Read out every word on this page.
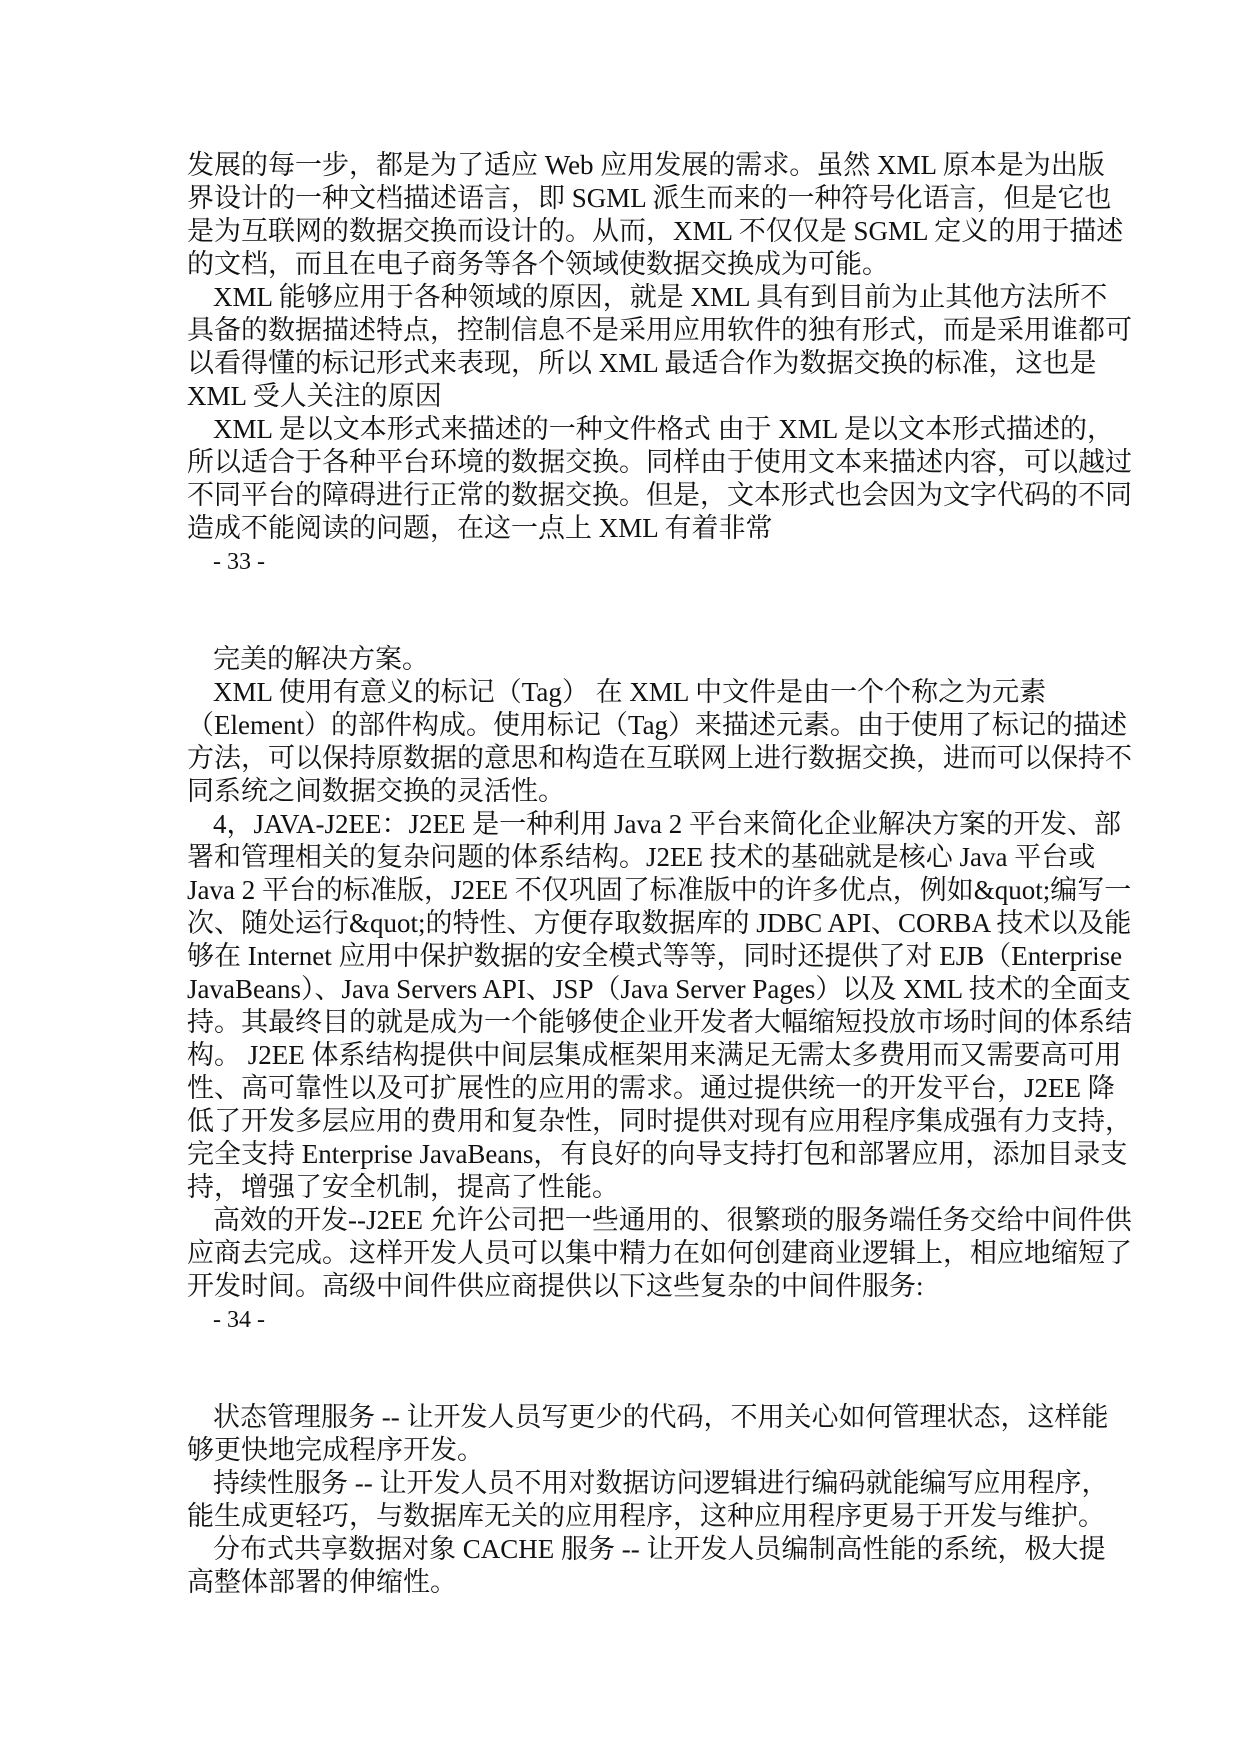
发展的每一步，都是为了适应 Web 应用发展的需求。虽然 XML 原本是为出版
界设计的一种文档描述语言，即 SGML 派生而来的一种符号化语言，但是它也
是为互联网的数据交换而设计的。从而，XML 不仅仅是 SGML 定义的用于描述
的文档，而且在电子商务等各个领域使数据交换成为可能。
XML 能够应用于各种领域的原因，就是 XML 具有到目前为止其他方法所不
具备的数据描述特点，控制信息不是采用应用软件的独有形式，而是采用谁都可
以看得懂的标记形式来表现，所以 XML 最适合作为数据交换的标准，这也是
XML 受人关注的原因
XML 是以文本形式来描述的一种文件格式 由于 XML 是以文本形式描述的，
所以适合于各种平台环境的数据交换。同样由于使用文本来描述内容，可以越过
不同平台的障碍进行正常的数据交换。但是，文本形式也会因为文字代码的不同
造成不能阅读的问题，在这一点上 XML 有着非常
- 33 -
完美的解决方案。
XML 使用有意义的标记（Tag） 在 XML 中文件是由一个个称之为元素
（Element）的部件构成。使用标记（Tag）来描述元素。由于使用了标记的描述
方法，可以保持原数据的意思和构造在互联网上进行数据交换，进而可以保持不
同系统之间数据交换的灵活性。
4，JAVA-J2EE：J2EE 是一种利用 Java 2 平台来简化企业解决方案的开发、部
署和管理相关的复杂问题的体系结构。J2EE 技术的基础就是核心 Java 平台或
Java 2 平台的标准版，J2EE 不仅巩固了标准版中的许多优点，例如&quot;编写一
次、随处运行&quot;的特性、方便存取数据库的 JDBC API、CORBA 技术以及能
够在 Internet 应用中保护数据的安全模式等等，同时还提供了对 EJB（Enterprise
JavaBeans）、Java Servers API、JSP（Java Server Pages）以及 XML 技术的全面支
持。其最终目的就是成为一个能够使企业开发者大幅缩短投放市场时间的体系结
构。 J2EE 体系结构提供中间层集成框架用来满足无需太多费用而又需要高可用
性、高可靠性以及可扩展性的应用的需求。通过提供统一的开发平台，J2EE 降
低了开发多层应用的费用和复杂性，同时提供对现有应用程序集成强有力支持，
完全支持 Enterprise JavaBeans，有良好的向导支持打包和部署应用，添加目录支
持，增强了安全机制，提高了性能。
高效的开发--J2EE 允许公司把一些通用的、很繁琐的服务端任务交给中间件供
应商去完成。这样开发人员可以集中精力在如何创建商业逻辑上，相应地缩短了
开发时间。高级中间件供应商提供以下这些复杂的中间件服务:
- 34 -
状态管理服务 -- 让开发人员写更少的代码，不用关心如何管理状态，这样能
够更快地完成程序开发。
持续性服务 -- 让开发人员不用对数据访问逻辑进行编码就能编写应用程序，
能生成更轻巧，与数据库无关的应用程序，这种应用程序更易于开发与维护。
分布式共享数据对象 CACHE 服务 -- 让开发人员编制高性能的系统，极大提
高整体部署的伸缩性。
